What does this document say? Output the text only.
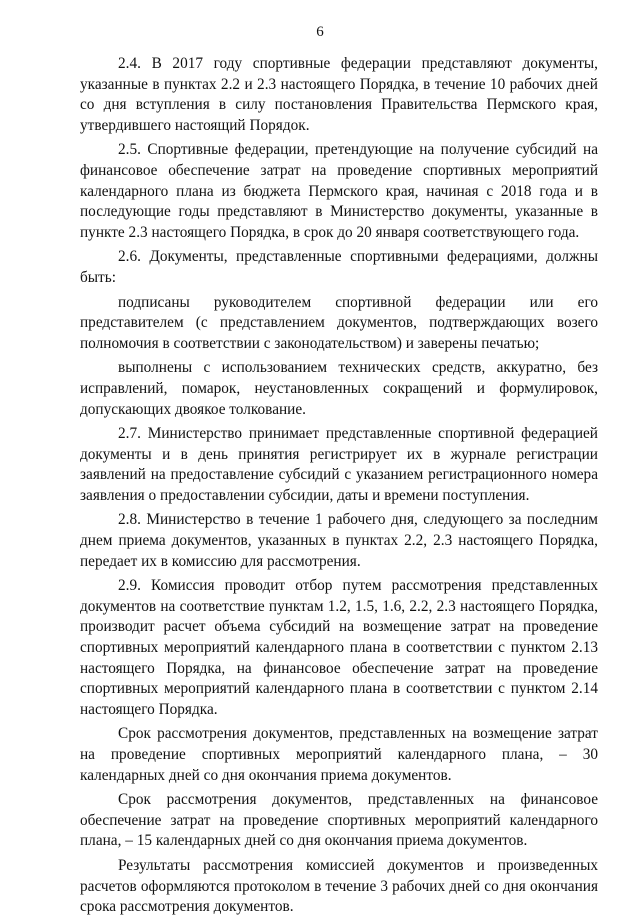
6

2.4. В 2017 году спортивные федерации представляют документы, указанные в пунктах 2.2 и 2.3 настоящего Порядка, в течение 10 рабочих дней со дня вступления в силу постановления Правительства Пермского края, утвердившего настоящий Порядок.

2.5. Спортивные федерации, претендующие на получение субсидий на финансовое обеспечение затрат на проведение спортивных мероприятий календарного плана из бюджета Пермского края, начиная с 2018 года и в последующие годы представляют в Министерство документы, указанные в пункте 2.3 настоящего Порядка, в срок до 20 января соответствующего года.

2.6. Документы, представленные спортивными федерациями, должны быть:

подписаны руководителем спортивной федерации или его представителем (с представлением документов, подтверждающих возего полномочия в соответствии с законодательством) и заверены печатью;

выполнены с использованием технических средств, аккуратно, без исправлений, помарок, неустановленных сокращений и формулировок, допускающих двоякое толкование.

2.7. Министерство принимает представленные спортивной федерацией документы и в день принятия регистрирует их в журнале регистрации заявлений на предоставление субсидий с указанием регистрационного номера заявления о предоставлении субсидии, даты и времени поступления.

2.8. Министерство в течение 1 рабочего дня, следующего за последним днем приема документов, указанных в пунктах 2.2, 2.3 настоящего Порядка, передает их в комиссию для рассмотрения.

2.9. Комиссия проводит отбор путем рассмотрения представленных документов на соответствие пунктам 1.2, 1.5, 1.6, 2.2, 2.3 настоящего Порядка, производит расчет объема субсидий на возмещение затрат на проведение спортивных мероприятий календарного плана в соответствии с пунктом 2.13 настоящего Порядка, на финансовое обеспечение затрат на проведение спортивных мероприятий календарного плана в соответствии с пунктом 2.14 настоящего Порядка.

Срок рассмотрения документов, представленных на возмещение затрат на проведение спортивных мероприятий календарного плана, – 30 календарных дней со дня окончания приема документов.

Срок рассмотрения документов, представленных на финансовое обеспечение затрат на проведение спортивных мероприятий календарного плана, – 15 календарных дней со дня окончания приема документов.

Результаты рассмотрения комиссией документов и произведенных расчетов оформляются протоколом в течение 3 рабочих дней со дня окончания срока рассмотрения документов.
